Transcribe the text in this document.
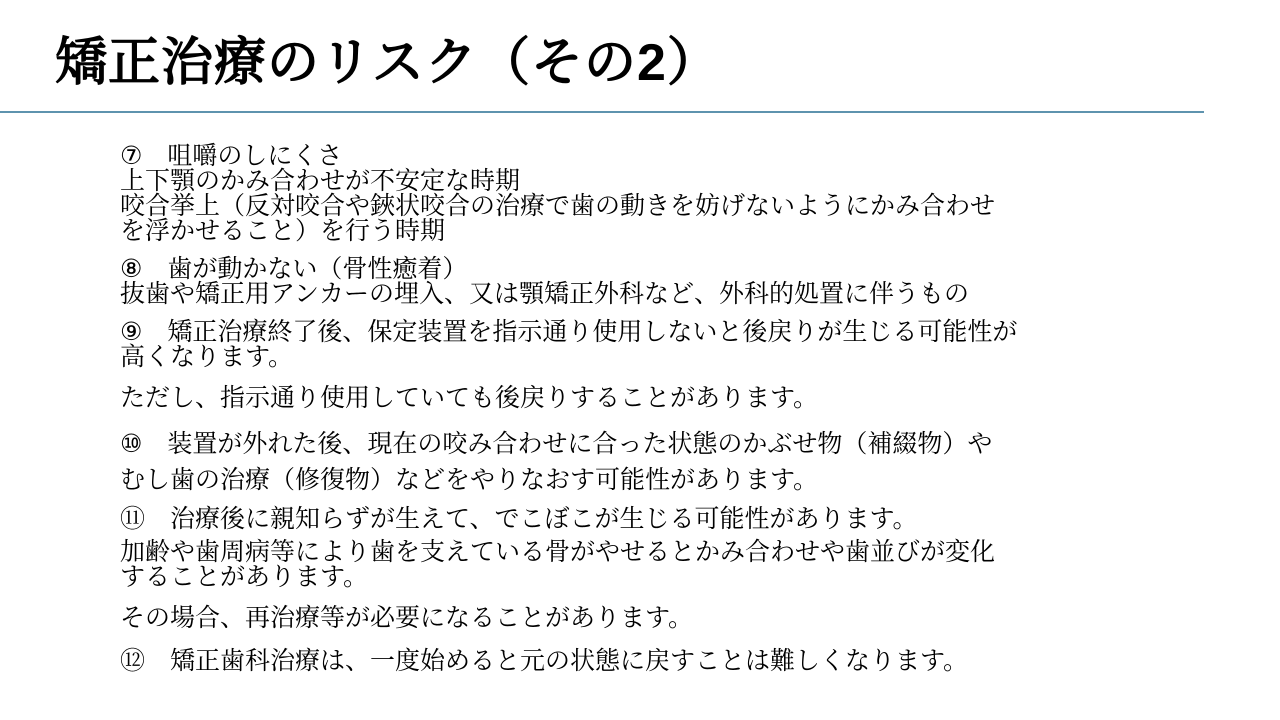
矯正治療のリスク（その2）
⑦　咀嚼のしにくさ
上下顎のかみ合わせが不安定な時期
咬合挙上（反対咬合や鋏状咬合の治療で歯の動きを妨げないようにかみ合わせ
を浮かせること）を行う時期
⑧　歯が動かない（骨性癒着）
抜歯や矯正用アンカーの埋入、又は顎矯正外科など、外科的処置に伴うもの
⑨　矯正治療終了後、保定装置を指示通り使用しないと後戻りが生じる可能性が
高くなります。
ただし、指示通り使用していても後戻りすることがあります。
⑩　装置が外れた後、現在の咬み合わせに合った状態のかぶせ物（補綴物）や
むし歯の治療（修復物）などをやりなおす可能性があります。
⑪　治療後に親知らずが生えて、でこぼこが生じる可能性があります。
加齢や歯周病等により歯を支えている骨がやせるとかみ合わせや歯並びが変化
することがあります。
その場合、再治療等が必要になることがあります。
⑫　矯正歯科治療は、一度始めると元の状態に戻すことは難しくなります。
